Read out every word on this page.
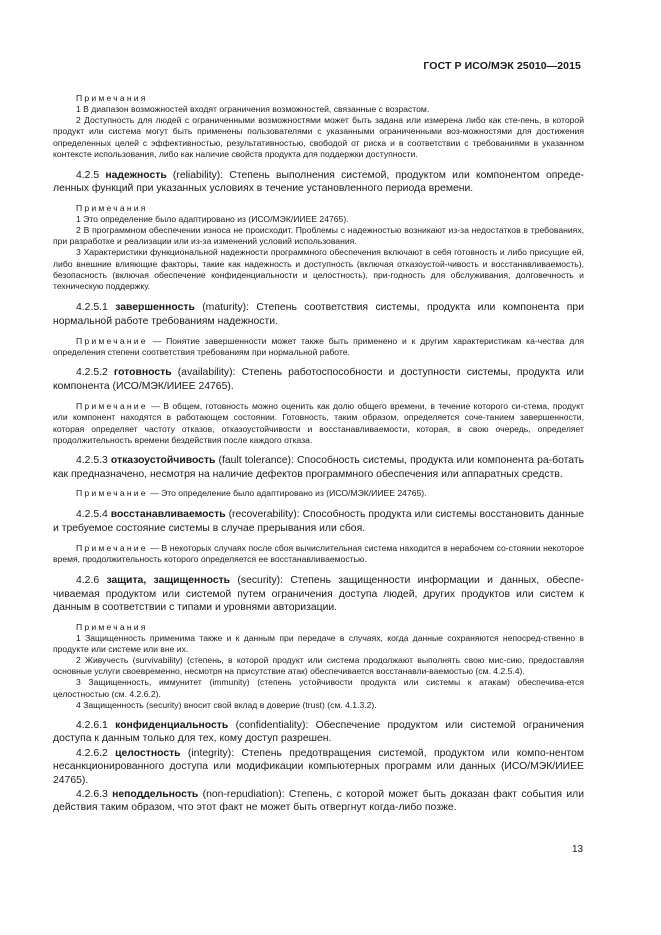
ГОСТ Р ИСО/МЭК 25010—2015

Примечания

1 В диапазон возможностей входят ограничения возможностей, связанные с возрастом.

2 Доступность для людей с ограниченными возможностями может быть задана или измерена либо как сте-пень, в которой продукт или система могут быть применены пользователями с указанными ограниченными воз-можностями для достижения определенных целей с эффективностью, результативностью, свободой от риска и в соответствии с требованиями в указанном контексте использования, либо как наличие свойств продукта для поддержки доступности.

4.2.5 надежность (reliability): Степень выполнения системой, продуктом или компонентом опреде-ленных функций при указанных условиях в течение установленного периода времени.

Примечания

1 Это определение было адаптировано из (ИСО/МЭК/ИИЕЕ 24765).

2 В программном обеспечении износа не происходит. Проблемы с надежностью возникают из-за недостатков в требованиях, при разработке и реализации или из-за изменений условий использования.

3 Характеристики функциональной надежности программного обеспечения включают в себя готовность и либо присущие ей, либо внешние влияющие факторы, такие как надежность и доступность (включая отказоустой-чивость и восстанавливаемость), безопасность (включая обеспечение конфиденциальности и целостность), при-годность для обслуживания, долговечность и техническую поддержку.

4.2.5.1 завершенность (maturity): Степень соответствия системы, продукта или компонента при нормальной работе требованиям надежности.

Примечание — Понятие завершенности может также быть применено и к другим характеристикам ка-чества для определения степени соответствия требованиям при нормальной работе.

4.2.5.2 готовность (availability): Степень работоспособности и доступности системы, продукта или компонента (ИСО/МЭК/ИИЕЕ 24765).

Примечание — В общем, готовность можно оценить как долю общего времени, в течение которого си-стема, продукт или компонент находятся в работающем состоянии. Готовность, таким образом, определяется соче-танием завершенности, которая определяет частоту отказов, отказоустойчивости и восстанавливаемости, которая, в свою очередь, определяет продолжительность времени бездействия после каждого отказа.

4.2.5.3 отказоустойчивость (fault tolerance): Способность системы, продукта или компонента ра-ботать как предназначено, несмотря на наличие дефектов программного обеспечения или аппаратных средств.

Примечание — Это определение было адаптировано из (ИСО/МЭК/ИИЕЕ 24765).

4.2.5.4 восстанавливаемость (recoverability): Способность продукта или системы восстановить данные и требуемое состояние системы в случае прерывания или сбоя.

Примечание — В некоторых случаях после сбоя вычислительная система находится в нерабочем со-стоянии некоторое время, продолжительность которого определяется ее восстанавливаемостью.

4.2.6 защита, защищенность (security): Степень защищенности информации и данных, обеспе-чиваемая продуктом или системой путем ограничения доступа людей, других продуктов или систем к данным в соответствии с типами и уровнями авторизации.

Примечания

1 Защищенность применима также и к данным при передаче в случаях, когда данные сохраняются непосред-ственно в продукте или системе или вне их.

2 Живучесть (survivability) (степень, в которой продукт или система продолжают выполнять свою мис-сию, предоставляя основные услуги своевременно, несмотря на присутствие атак) обеспечивается восстанавли-ваемостью (см. 4.2.5.4).

3 Защищенность, иммунитет (immunity) (степень устойчивости продукта или системы к атакам) обеспечива-ется целостностью (см. 4.2.6.2).

4 Защищенность (security) вносит свой вклад в доверие (trust) (см. 4.1.3.2).

4.2.6.1 конфиденциальность (confidentiality): Обеспечение продуктом или системой ограничения доступа к данным только для тех, кому доступ разрешен.

4.2.6.2 целостность (integrity): Степень предотвращения системой, продуктом или компо-нентом несанкционированного доступа или модификации компьютерных программ или данных (ИСО/МЭК/ИИЕЕ 24765).

4.2.6.3 неподдельность (non-repudiation): Степень, с которой может быть доказан факт события или действия таким образом, что этот факт не может быть отвергнут когда-либо позже.

13
